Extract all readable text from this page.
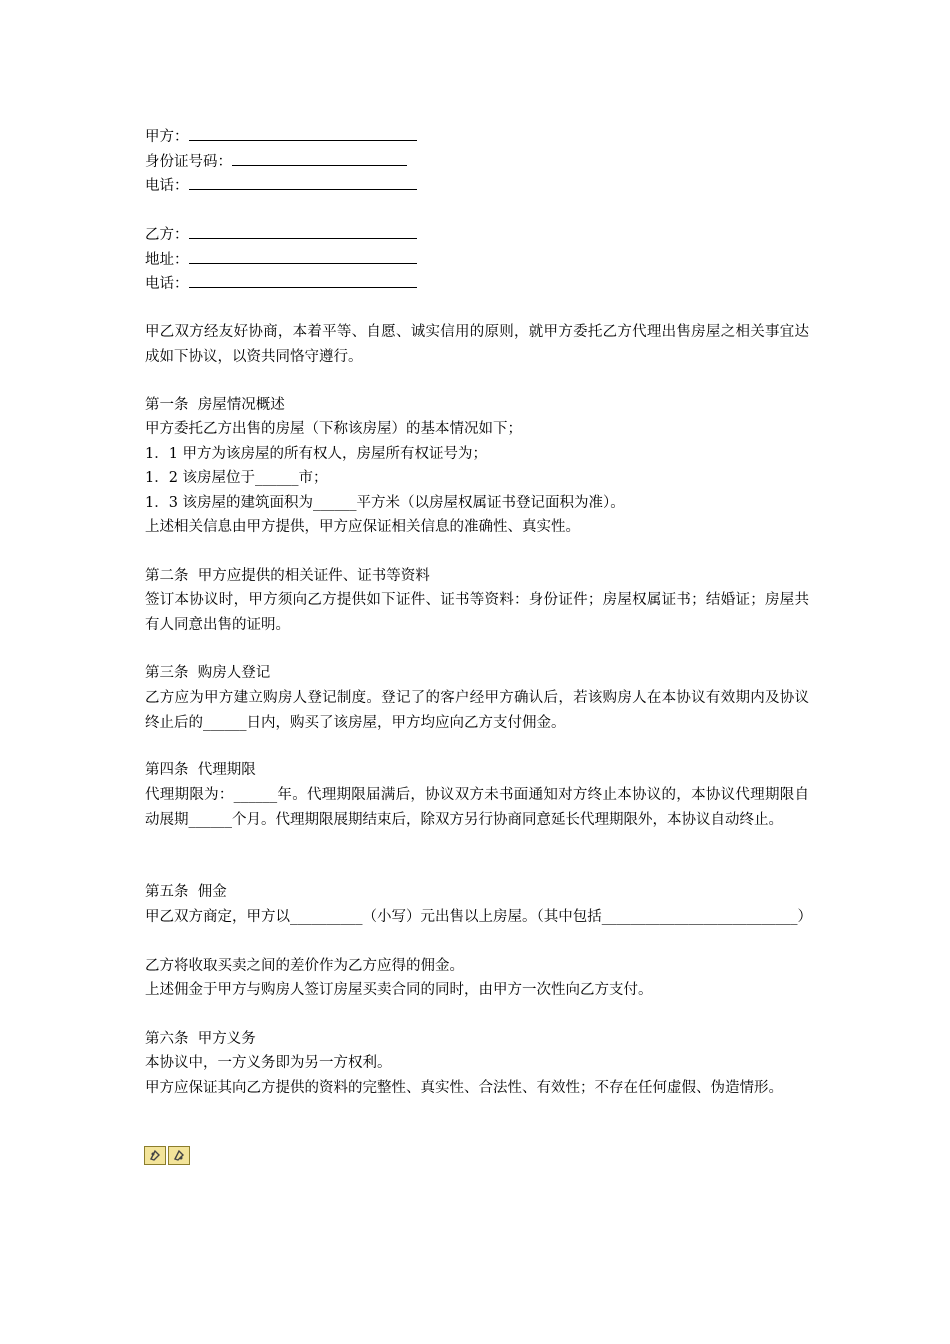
甲方：
身份证号码：
电话：
乙方：
地址：
电话：
甲乙双方经友好协商，本着平等、自愿、诚实信用的原则，就甲方委托乙方代理出售房屋之相关事宜达成如下协议，以资共同恪守遵行。
第一条  房屋情况概述
甲方委托乙方出售的房屋（下称该房屋）的基本情况如下；
1．1 甲方为该房屋的所有权人，房屋所有权证号为；
1．2 该房屋位于______市；
1．3 该房屋的建筑面积为______平方米（以房屋权属证书登记面积为准）。
上述相关信息由甲方提供，甲方应保证相关信息的准确性、真实性。
第二条  甲方应提供的相关证件、证书等资料
签订本协议时，甲方须向乙方提供如下证件、证书等资料：身份证件；房屋权属证书；结婚证；房屋共有人同意出售的证明。
第三条  购房人登记
乙方应为甲方建立购房人登记制度。登记了的客户经甲方确认后，若该购房人在本协议有效期内及协议终止后的______日内，购买了该房屋，甲方均应向乙方支付佣金。
第四条  代理期限
代理期限为：______年。代理期限届满后，协议双方未书面通知对方终止本协议的，本协议代理期限自动展期______个月。代理期限展期结束后，除双方另行协商同意延长代理期限外，本协议自动终止。
第五条  佣金
甲乙双方商定，甲方以__________（小写）元出售以上房屋。（其中包括___________________________）
乙方将收取买卖之间的差价作为乙方应得的佣金。
上述佣金于甲方与购房人签订房屋买卖合同的同时，由甲方一次性向乙方支付。
第六条  甲方义务
本协议中，一方义务即为另一方权利。
甲方应保证其向乙方提供的资料的完整性、真实性、合法性、有效性；不存在任何虚假、伪造情形。
